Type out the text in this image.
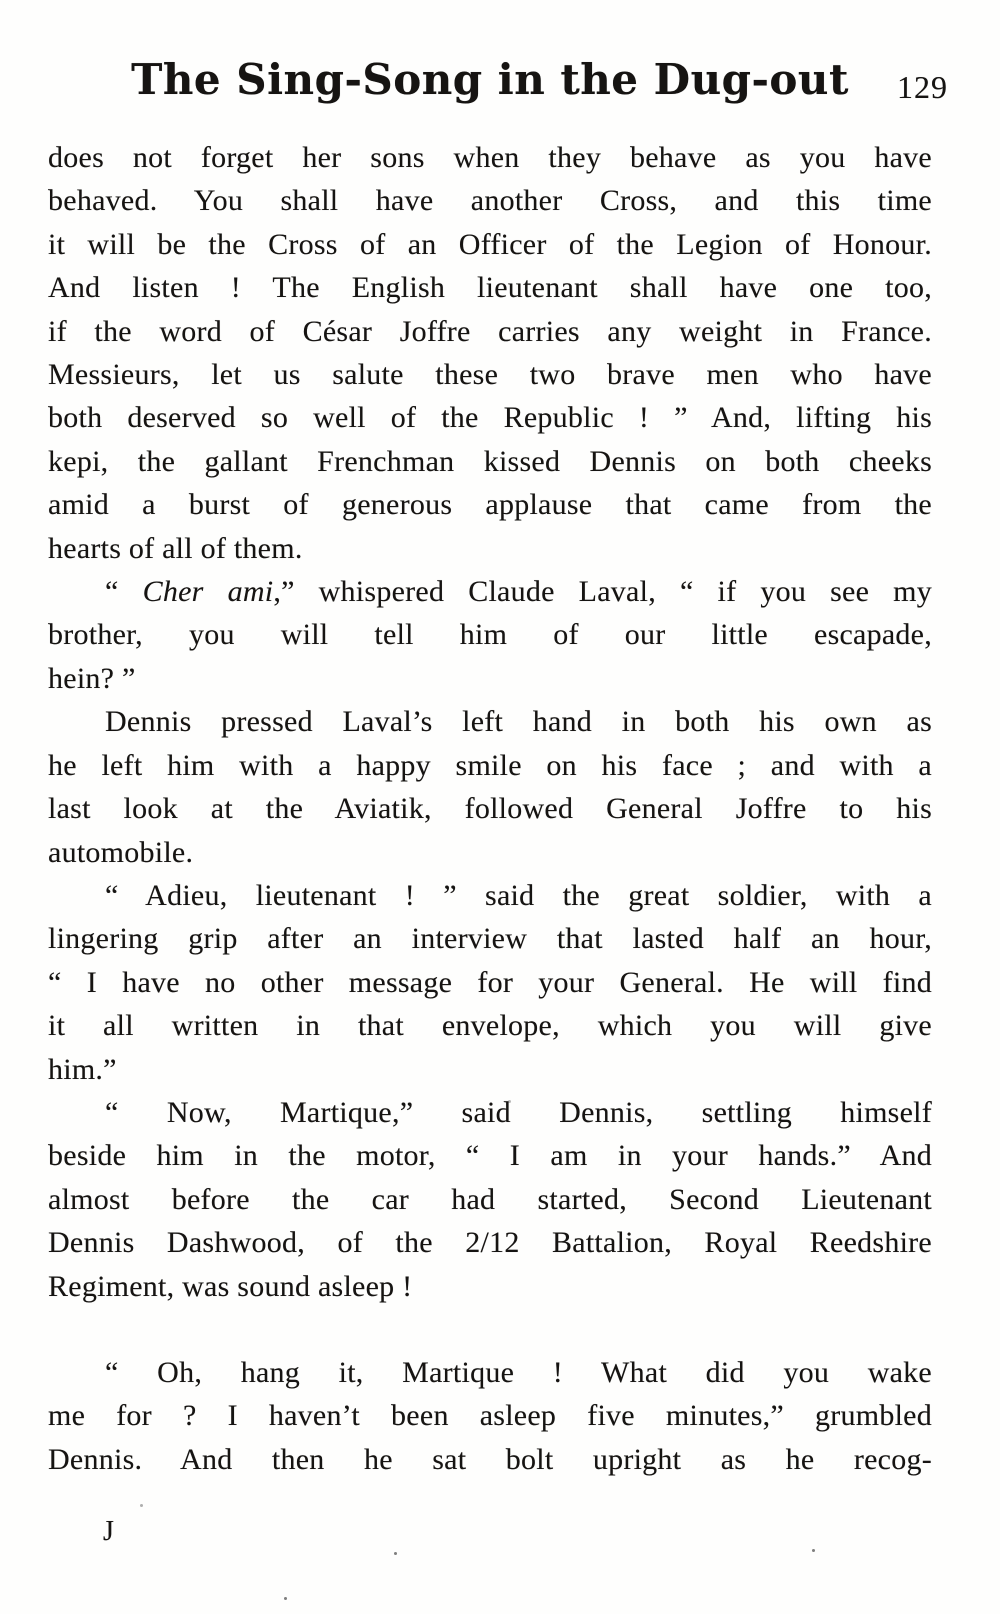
The Sing-Song in the Dug-out	129
does not forget her sons when they behave as you have
behaved. You shall have another Cross, and this time
it will be the Cross of an Officer of the Legion of Honour.
And listen ! The English lieutenant shall have one too,
if the word of César Joffre carries any weight in France.
Messieurs, let us salute these two brave men who have
both deserved so well of the Republic ! ” And, lifting his
kepi, the gallant Frenchman kissed Dennis on both cheeks
amid a burst of generous applause that came from the
hearts of all of them.
“ Cher ami,” whispered Claude Laval, “ if you see my
brother, you will tell him of our little escapade,
hein? ”
Dennis pressed Laval’s left hand in both his own as
he left him with a happy smile on his face ; and with a
last look at the Aviatik, followed General Joffre to his
automobile.
“ Adieu, lieutenant ! ” said the great soldier, with a
lingering grip after an interview that lasted half an hour,
“ I have no other message for your General. He will find
it all written in that envelope, which you will give
him.”
“ Now, Martique,” said Dennis, settling himself
beside him in the motor, “ I am in your hands.” And
almost before the car had started, Second Lieutenant
Dennis Dashwood, of the 2/12 Battalion, Royal Reedshire
Regiment, was sound asleep !
“ Oh, hang it, Martique ! What did you wake
me for ? I haven’t been asleep five minutes,” grumbled
Dennis. And then he sat bolt upright as he recog-
J
